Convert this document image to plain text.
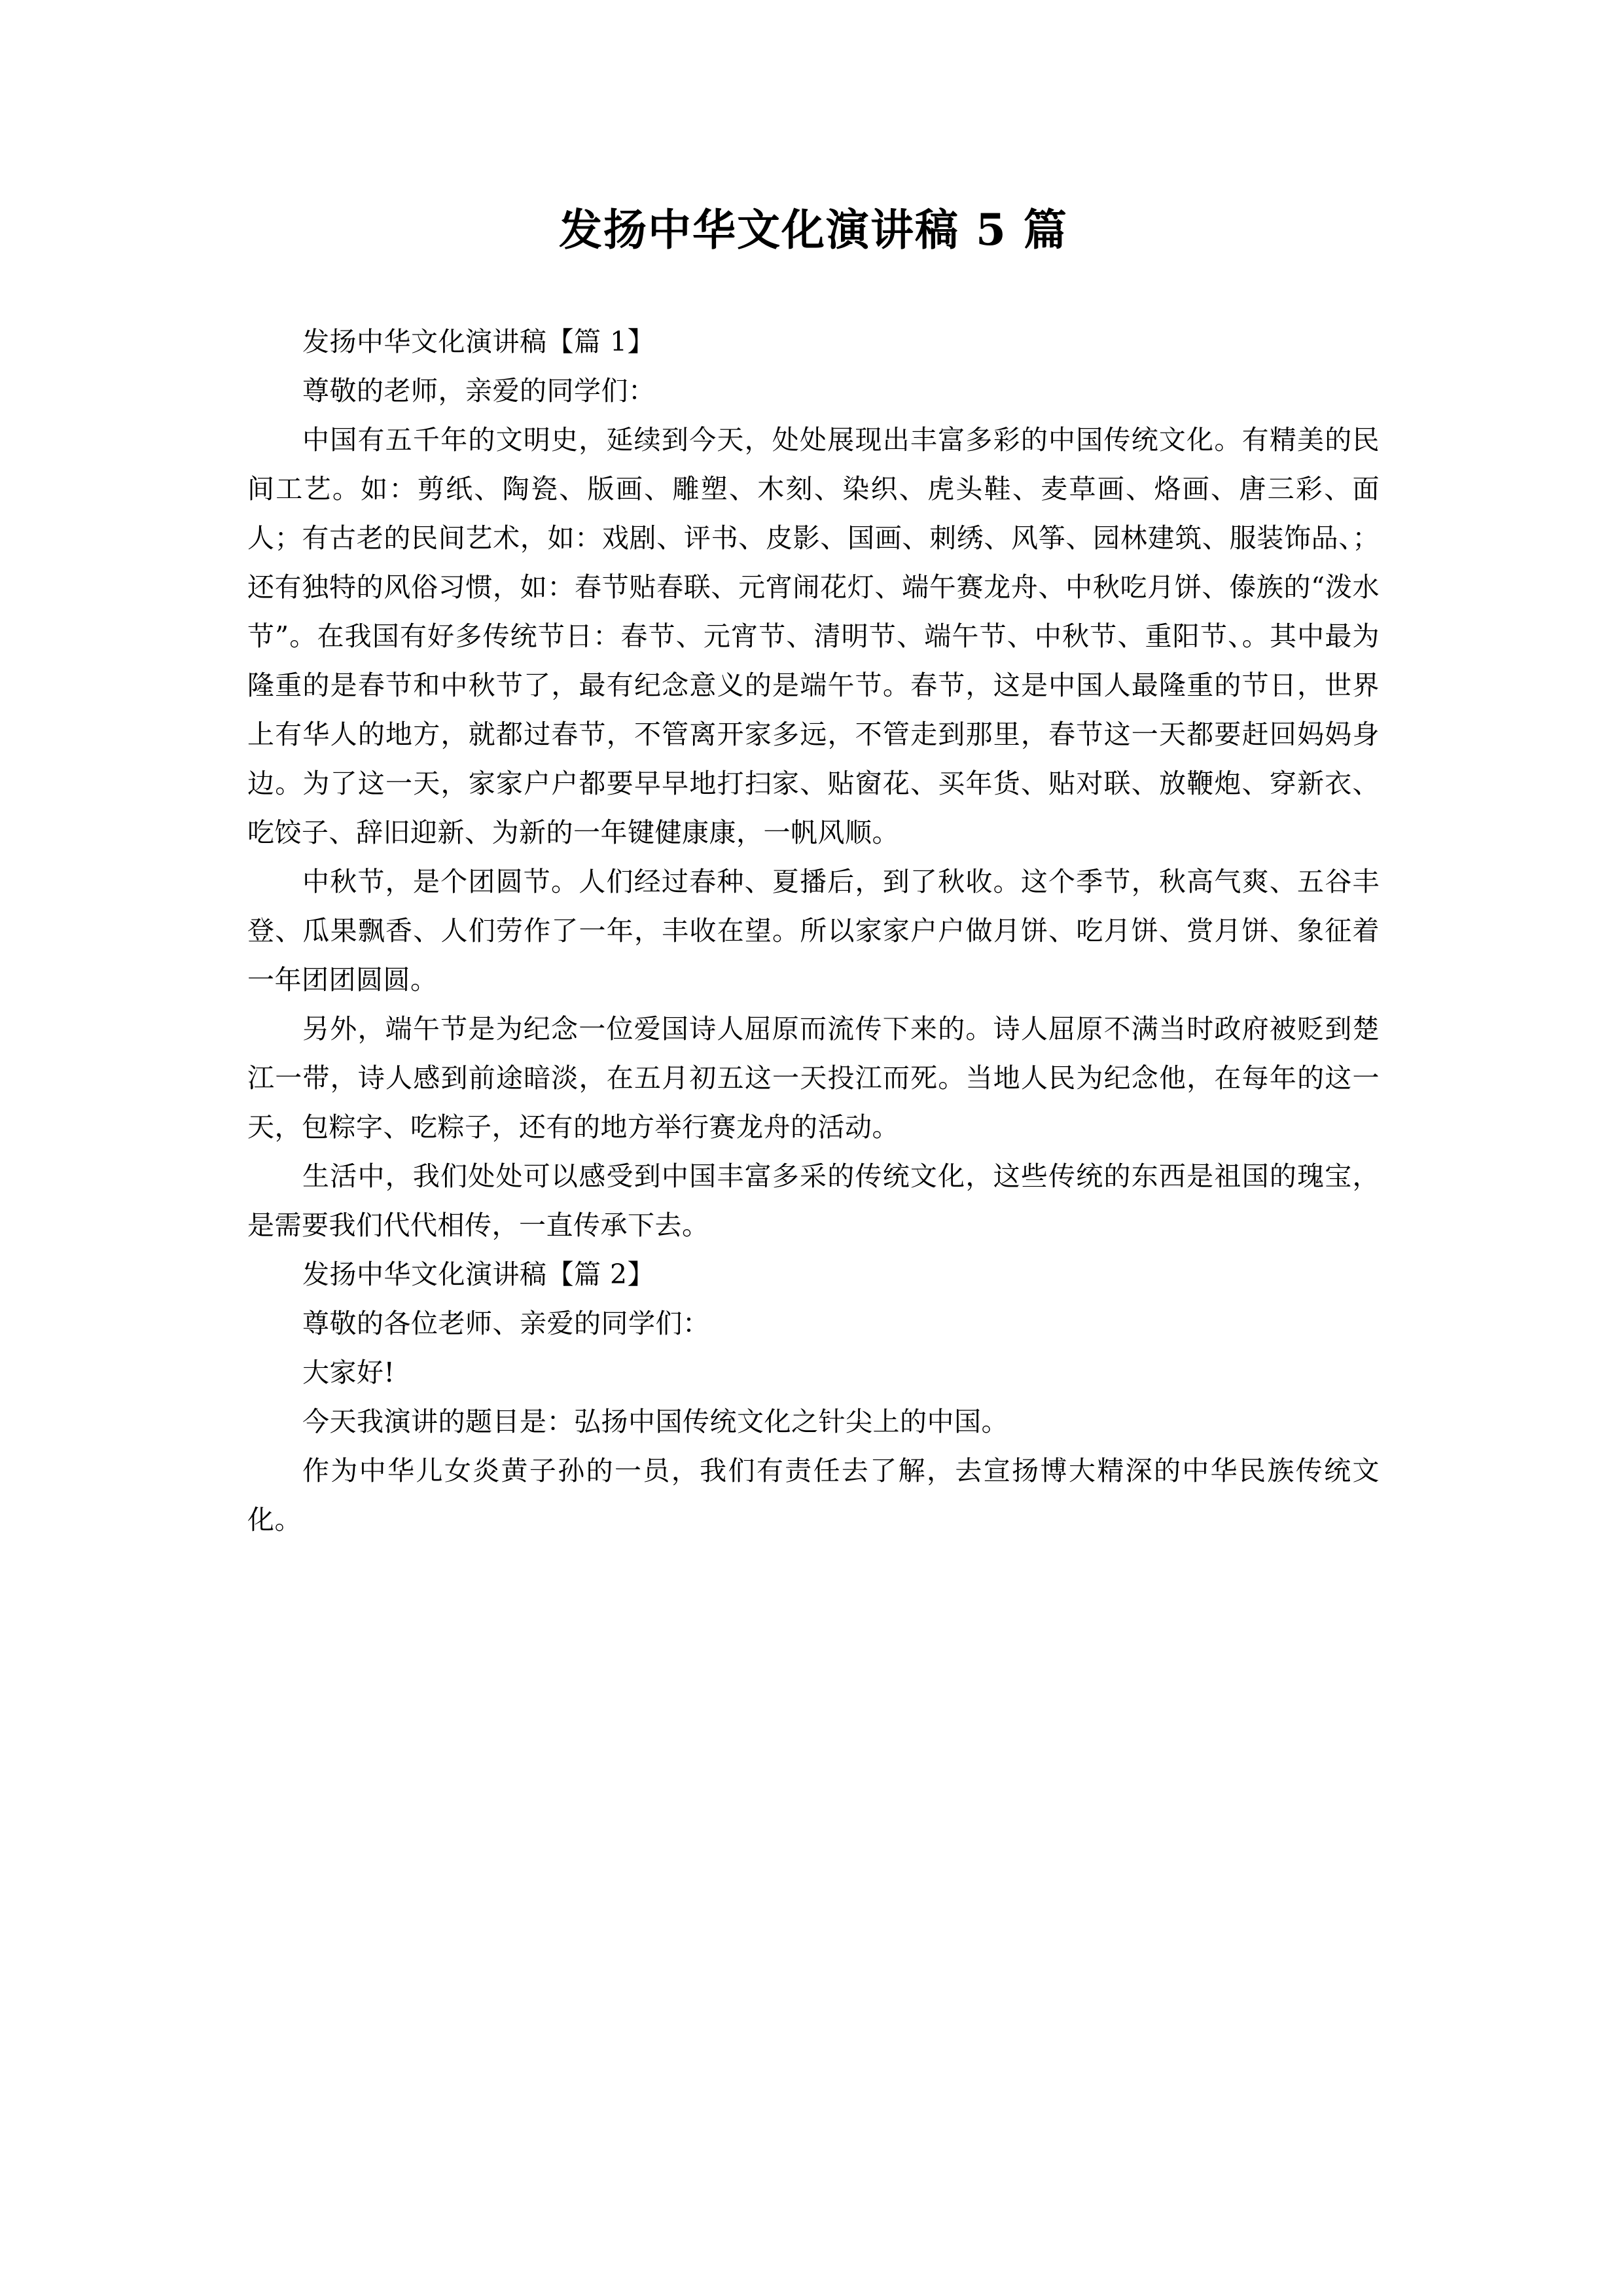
发扬中华文化演讲稿 5 篇

发扬中华文化演讲稿【篇 1】

尊敬的老师，亲爱的同学们：

中国有五千年的文明史，延续到今天，处处展现出丰富多彩的中国传统文化。有精美的民间工艺。如：剪纸、陶瓷、版画、雕塑、木刻、染织、虎头鞋、麦草画、烙画、唐三彩、面人；有古老的民间艺术，如：戏剧、评书、皮影、国画、刺绣、风筝、园林建筑、服装饰品、；还有独特的风俗习惯，如：春节贴春联、元宵闹花灯、端午赛龙舟、中秋吃月饼、傣族的“泼水节”。在我国有好多传统节日：春节、元宵节、清明节、端午节、中秋节、重阳节、。其中最为隆重的是春节和中秋节了，最有纪念意义的是端午节。春节，这是中国人最隆重的节日，世界上有华人的地方，就都过春节，不管离开家多远，不管走到那里，春节这一天都要赶回妈妈身边。为了这一天，家家户户都要早早地打扫家、贴窗花、买年货、贴对联、放鞭炮、穿新衣、吃饺子、辞旧迎新、为新的一年键健康康，一帆风顺。

中秋节，是个团圆节。人们经过春种、夏播后，到了秋收。这个季节，秋高气爽、五谷丰登、瓜果飘香、人们劳作了一年，丰收在望。所以家家户户做月饼、吃月饼、赏月饼、象征着一年团团圆圆。

另外，端午节是为纪念一位爱国诗人屈原而流传下来的。诗人屈原不满当时政府被贬到楚江一带，诗人感到前途暗淡，在五月初五这一天投江而死。当地人民为纪念他，在每年的这一天，包粽字、吃粽子，还有的地方举行赛龙舟的活动。

生活中，我们处处可以感受到中国丰富多采的传统文化，这些传统的东西是祖国的瑰宝，是需要我们代代相传，一直传承下去。

发扬中华文化演讲稿【篇 2】

尊敬的各位老师、亲爱的同学们：

大家好!

今天我演讲的题目是：弘扬中国传统文化之针尖上的中国。

作为中华儿女炎黄子孙的一员，我们有责任去了解，去宣扬博大精深的中华民族传统文化。
